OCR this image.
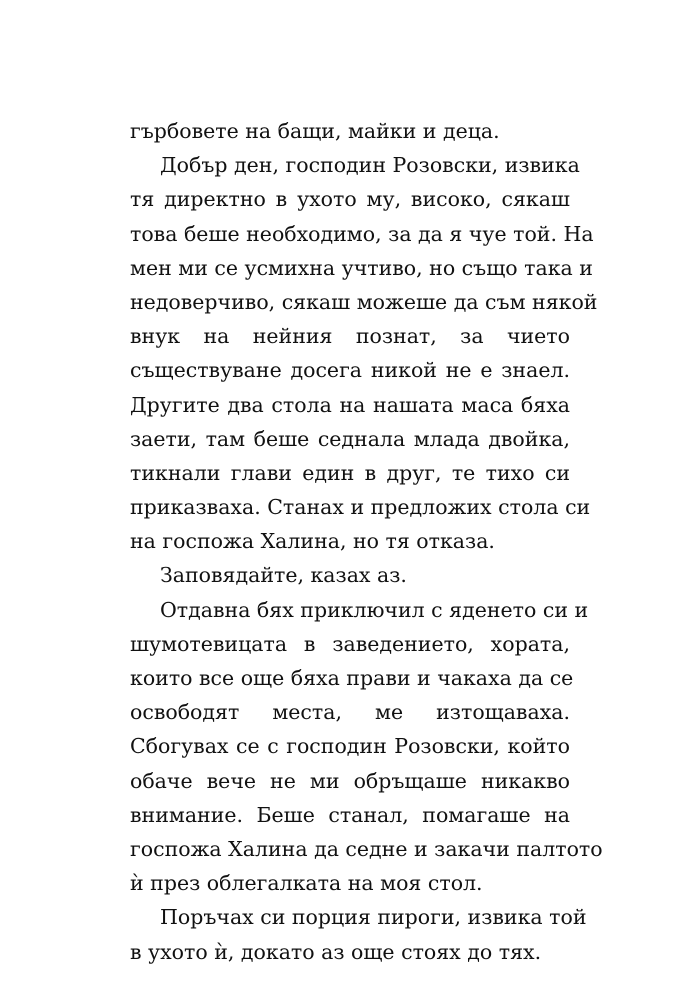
гърбовете на бащи, майки и деца.
Добър ден, господин Розовски, извика
тя директно в ухото му, високо, сякаш
това беше необходимо, за да я чуе той. На
мен ми се усмихна учтиво, но също така и
недоверчиво, сякаш можеше да съм някой
внук на нейния познат, за чието
съществуване досега никой не е знаел.
Другите два стола на нашата маса бяха
заети, там беше седнала млада двойка,
тикнали глави един в друг, те тихо си
приказваха. Станах и предложих стола си
на госпожа Халина, но тя отказа.
Заповядайте, казах аз.
Отдавна бях приключил с яденето си и
шумотевицата в заведението, хората,
които все още бяха прави и чакаха да се
освободят места, ме изтощаваха.
Сбогувах се с господин Розовски, който
обаче вече не ми обръщаше никакво
внимание. Беше станал, помагаше на
госпожа Халина да седне и закачи палтото
ѝ през облегалката на моя стол.
Поръчах си порция пироги, извика той
в ухото ѝ, докато аз още стоях до тях.
